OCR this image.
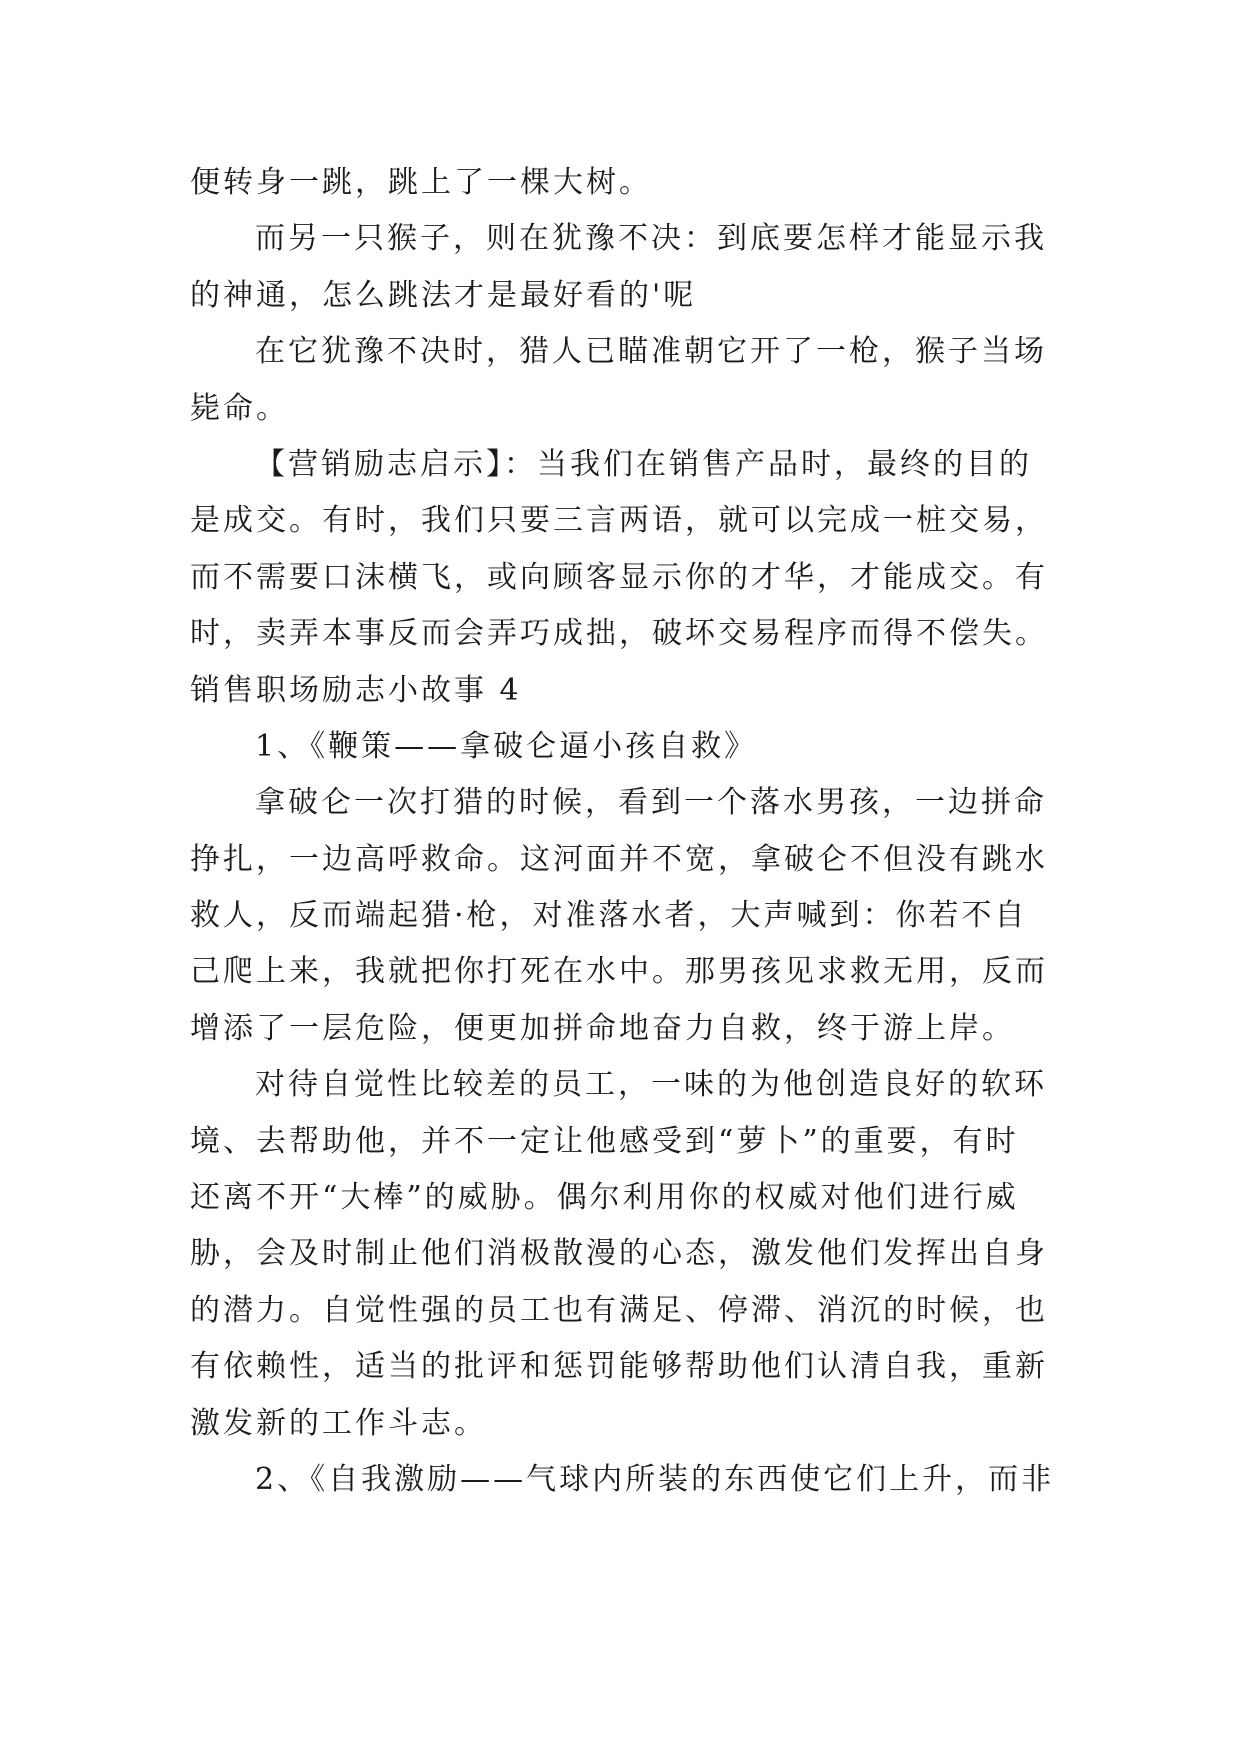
便转身一跳，跳上了一棵大树。
而另一只猴子，则在犹豫不决：到底要怎样才能显示我
的神通，怎么跳法才是最好看的'呢
在它犹豫不决时，猎人已瞄准朝它开了一枪，猴子当场
毙命。
【营销励志启示】：当我们在销售产品时，最终的目的
是成交。有时，我们只要三言两语，就可以完成一桩交易，
而不需要口沫横飞，或向顾客显示你的才华，才能成交。有
时，卖弄本事反而会弄巧成拙，破坏交易程序而得不偿失。
销售职场励志小故事 4
1、《鞭策——拿破仑逼小孩自救》
拿破仑一次打猎的时候，看到一个落水男孩，一边拼命
挣扎，一边高呼救命。这河面并不宽，拿破仑不但没有跳水
救人，反而端起猎·枪，对准落水者，大声喊到：你若不自
己爬上来，我就把你打死在水中。那男孩见求救无用，反而
增添了一层危险，便更加拼命地奋力自救，终于游上岸。
对待自觉性比较差的员工，一味的为他创造良好的软环
境、去帮助他，并不一定让他感受到“萝卜”的重要，有时
还离不开“大棒”的威胁。偶尔利用你的权威对他们进行威
胁，会及时制止他们消极散漫的心态，激发他们发挥出自身
的潜力。自觉性强的员工也有满足、停滞、消沉的时候，也
有依赖性，适当的批评和惩罚能够帮助他们认清自我，重新
激发新的工作斗志。
2、《自我激励——气球内所装的东西使它们上升，而非
